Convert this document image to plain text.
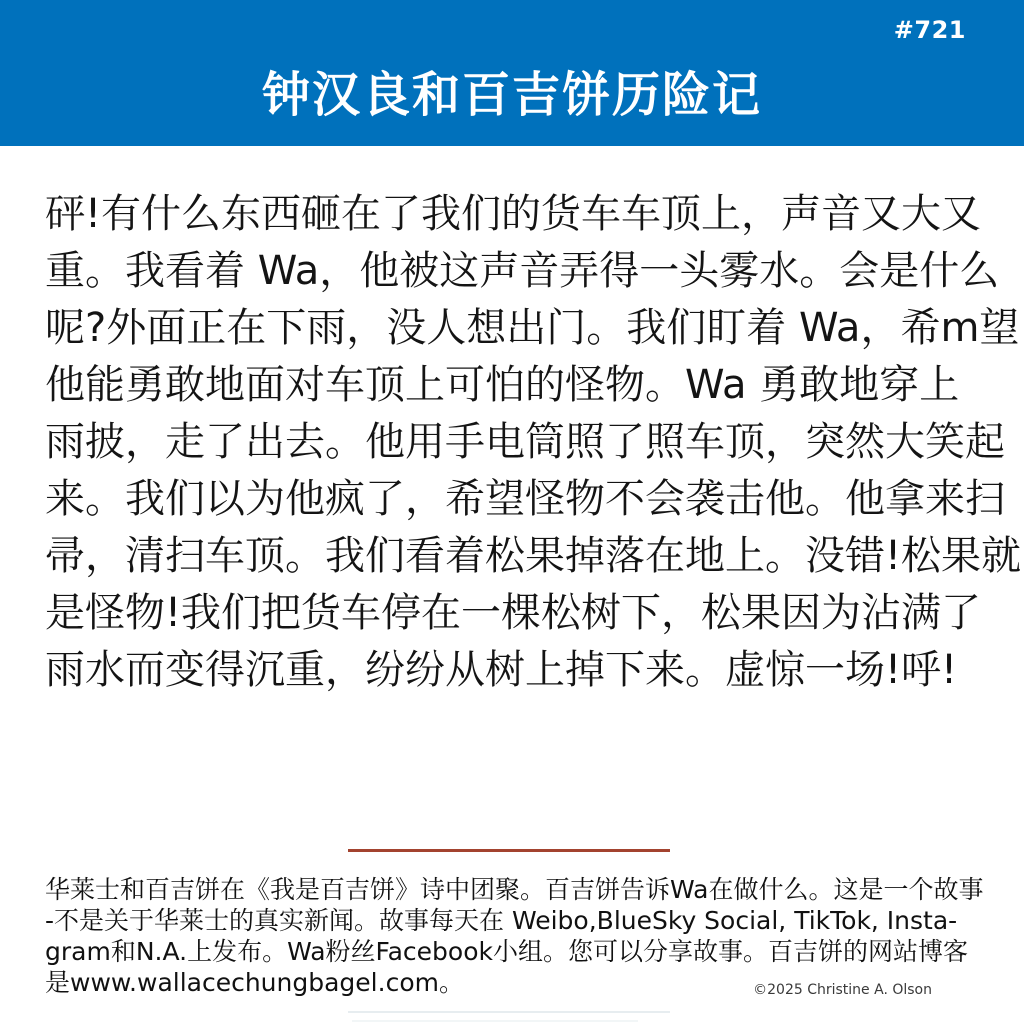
#721
钟汉良和百吉饼历险记
砰!有什么东西砸在了我们的货车车顶上，声音又大又
重。我看着 Wa，他被这声音弄得一头雾水。会是什么
呢?外面正在下雨，没人想出门。我们盯着 Wa，希m望
他能勇敢地面对车顶上可怕的怪物。Wa 勇敢地穿上
雨披，走了出去。他用手电筒照了照车顶，突然大笑起
来。我们以为他疯了，希望怪物不会袭击他。他拿来扫
帚，清扫车顶。我们看着松果掉落在地上。没错!松果就
是怪物!我们把货车停在一棵松树下，松果因为沾满了
雨水而变得沉重，纷纷从树上掉下来。虚惊一场!呼!
华莱士和百吉饼在《我是百吉饼》诗中团聚。百吉饼告诉Wa在做什么。这是一个故事
-不是关于华莱士的真实新闻。故事每天在 Weibo,BlueSky Social, TikTok, Insta-
gram和N.A.上发布。Wa粉丝Facebook小组。您可以分享故事。百吉饼的网站博客
是www.wallacechungbagel.com。	©2025 Christine A. Olson
